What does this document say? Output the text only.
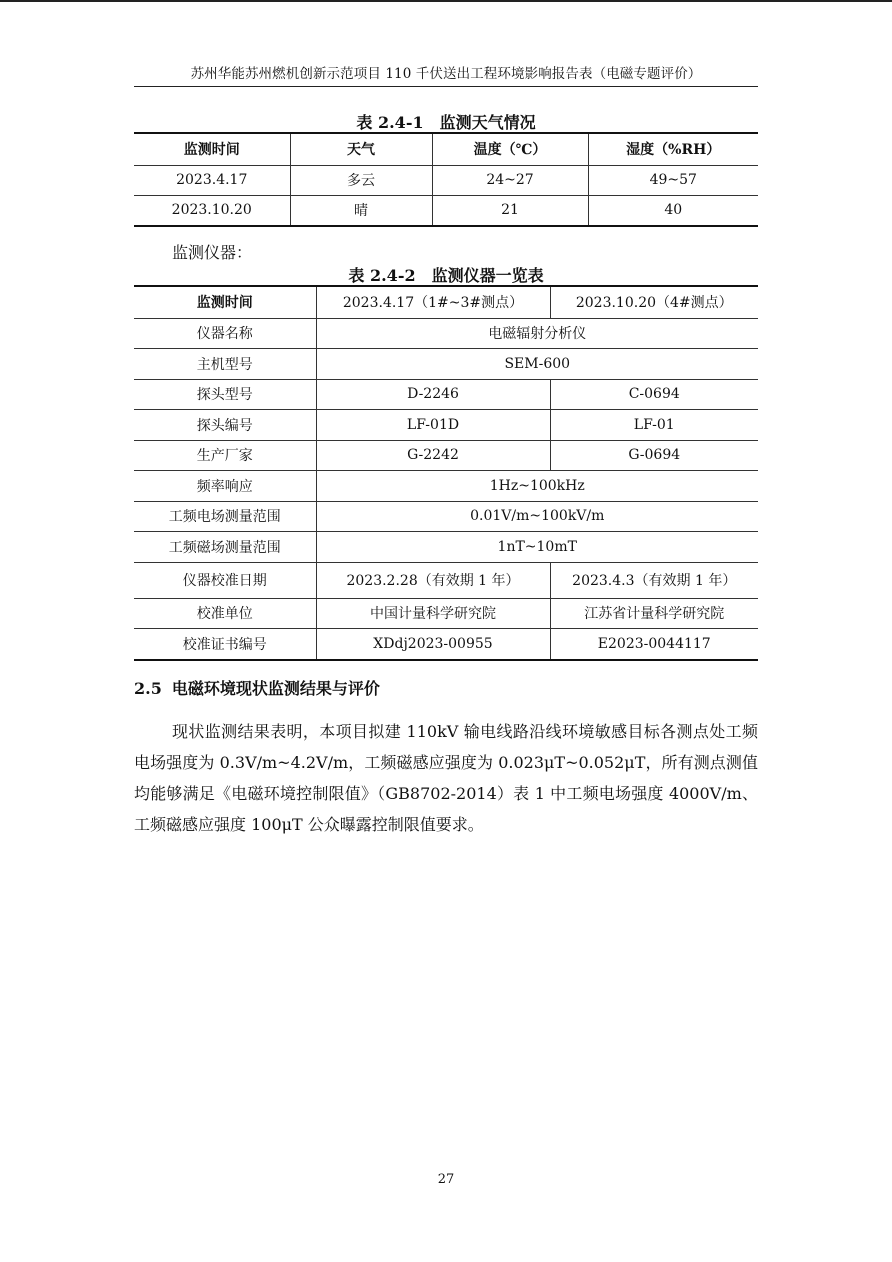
苏州华能苏州燃机创新示范项目 110 千伏送出工程环境影响报告表（电磁专题评价）
表 2.4-1　监测天气情况
监测时间	天气	温度（℃）	湿度（%RH）
2023.4.17	多云	24~27	49~57
2023.10.20	晴	21	40
监测仪器：
表 2.4-2　监测仪器一览表
监测时间	2023.4.17（1#~3#测点）	2023.10.20（4#测点）
仪器名称	电磁辐射分析仪	
主机型号	SEM-600	
探头型号	D-2246	C-0694
探头编号	LF-01D	LF-01
生产厂家	G-2242	G-0694
频率响应	1Hz~100kHz	
工频电场测量范围	0.01V/m~100kV/m	
工频磁场测量范围	1nT~10mT	
仪器校准日期	2023.2.28（有效期 1 年）	2023.4.3（有效期 1 年）
校准单位	中国计量科学研究院	江苏省计量科学研究院
校准证书编号	XDdj2023-00955	E2023-0044117
2.5 电磁环境现状监测结果与评价
现状监测结果表明，本项目拟建 110kV 输电线路沿线环境敏感目标各测点处工频电场强度为 0.3V/m~4.2V/m，工频磁感应强度为 0.023μT~0.052μT，所有测点测值均能够满足《电磁环境控制限值》（GB8702-2014）表 1 中工频电场强度 4000V/m、工频磁感应强度 100μT 公众曝露控制限值要求。
27
